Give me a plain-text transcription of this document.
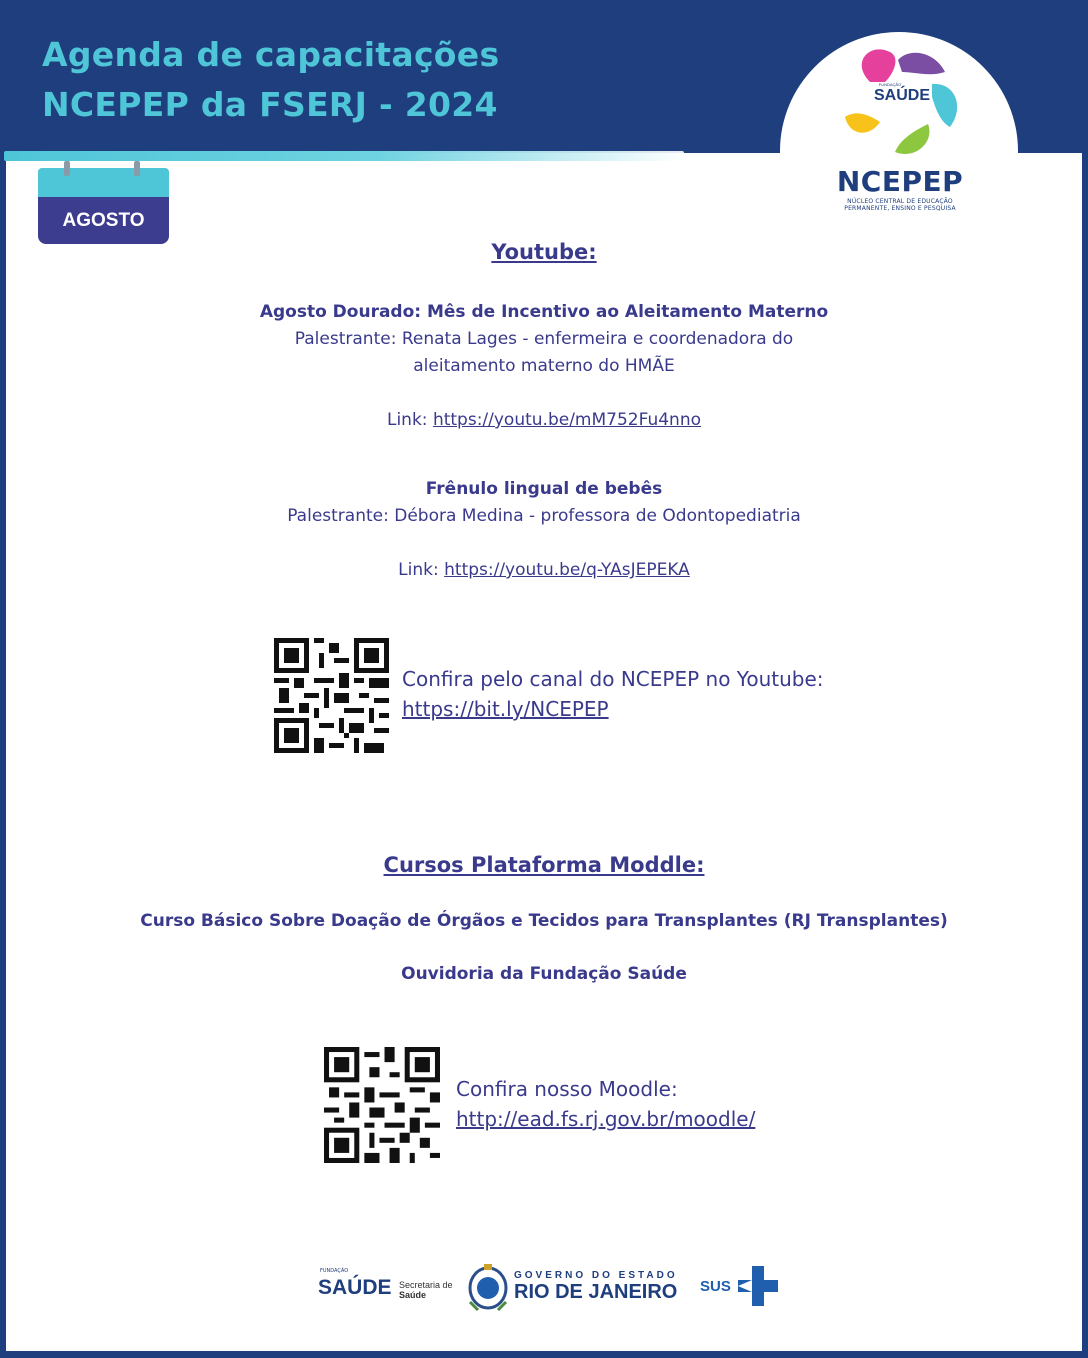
Agenda de capacitações
NCEPEP da FSERJ - 2024	SAÚDE
FUNDAÇÃO
NCEPEP
NÚCLEO CENTRAL DE EDUCAÇÃO
PERMANENTE, ENSINO E PESQUISA
AGOSTO
Youtube:
Agosto Dourado: Mês de Incentivo ao Aleitamento Materno
Palestrante: Renata Lages - enfermeira e coordenadora do
aleitamento materno do HMÃE
Link: https://youtu.be/mM752Fu4nno
Frênulo lingual de bebês
Palestrante: Débora Medina - professora de Odontopediatria
Link: https://youtu.be/q-YAsJEPEKA
Confira pelo canal do NCEPEP no Youtube:
https://bit.ly/NCEPEP
Cursos Plataforma Moddle:
Curso Básico Sobre Doação de Órgãos e Tecidos para Transplantes (RJ Transplantes)
Ouvidoria da Fundação Saúde
Confira nosso Moodle:
http://ead.fs.rj.gov.br/moodle/
FUNDAÇÃO
SAÚDE Secretaria de
Saúde
GOVERNO DO ESTADO
RIO DE JANEIRO SUS
